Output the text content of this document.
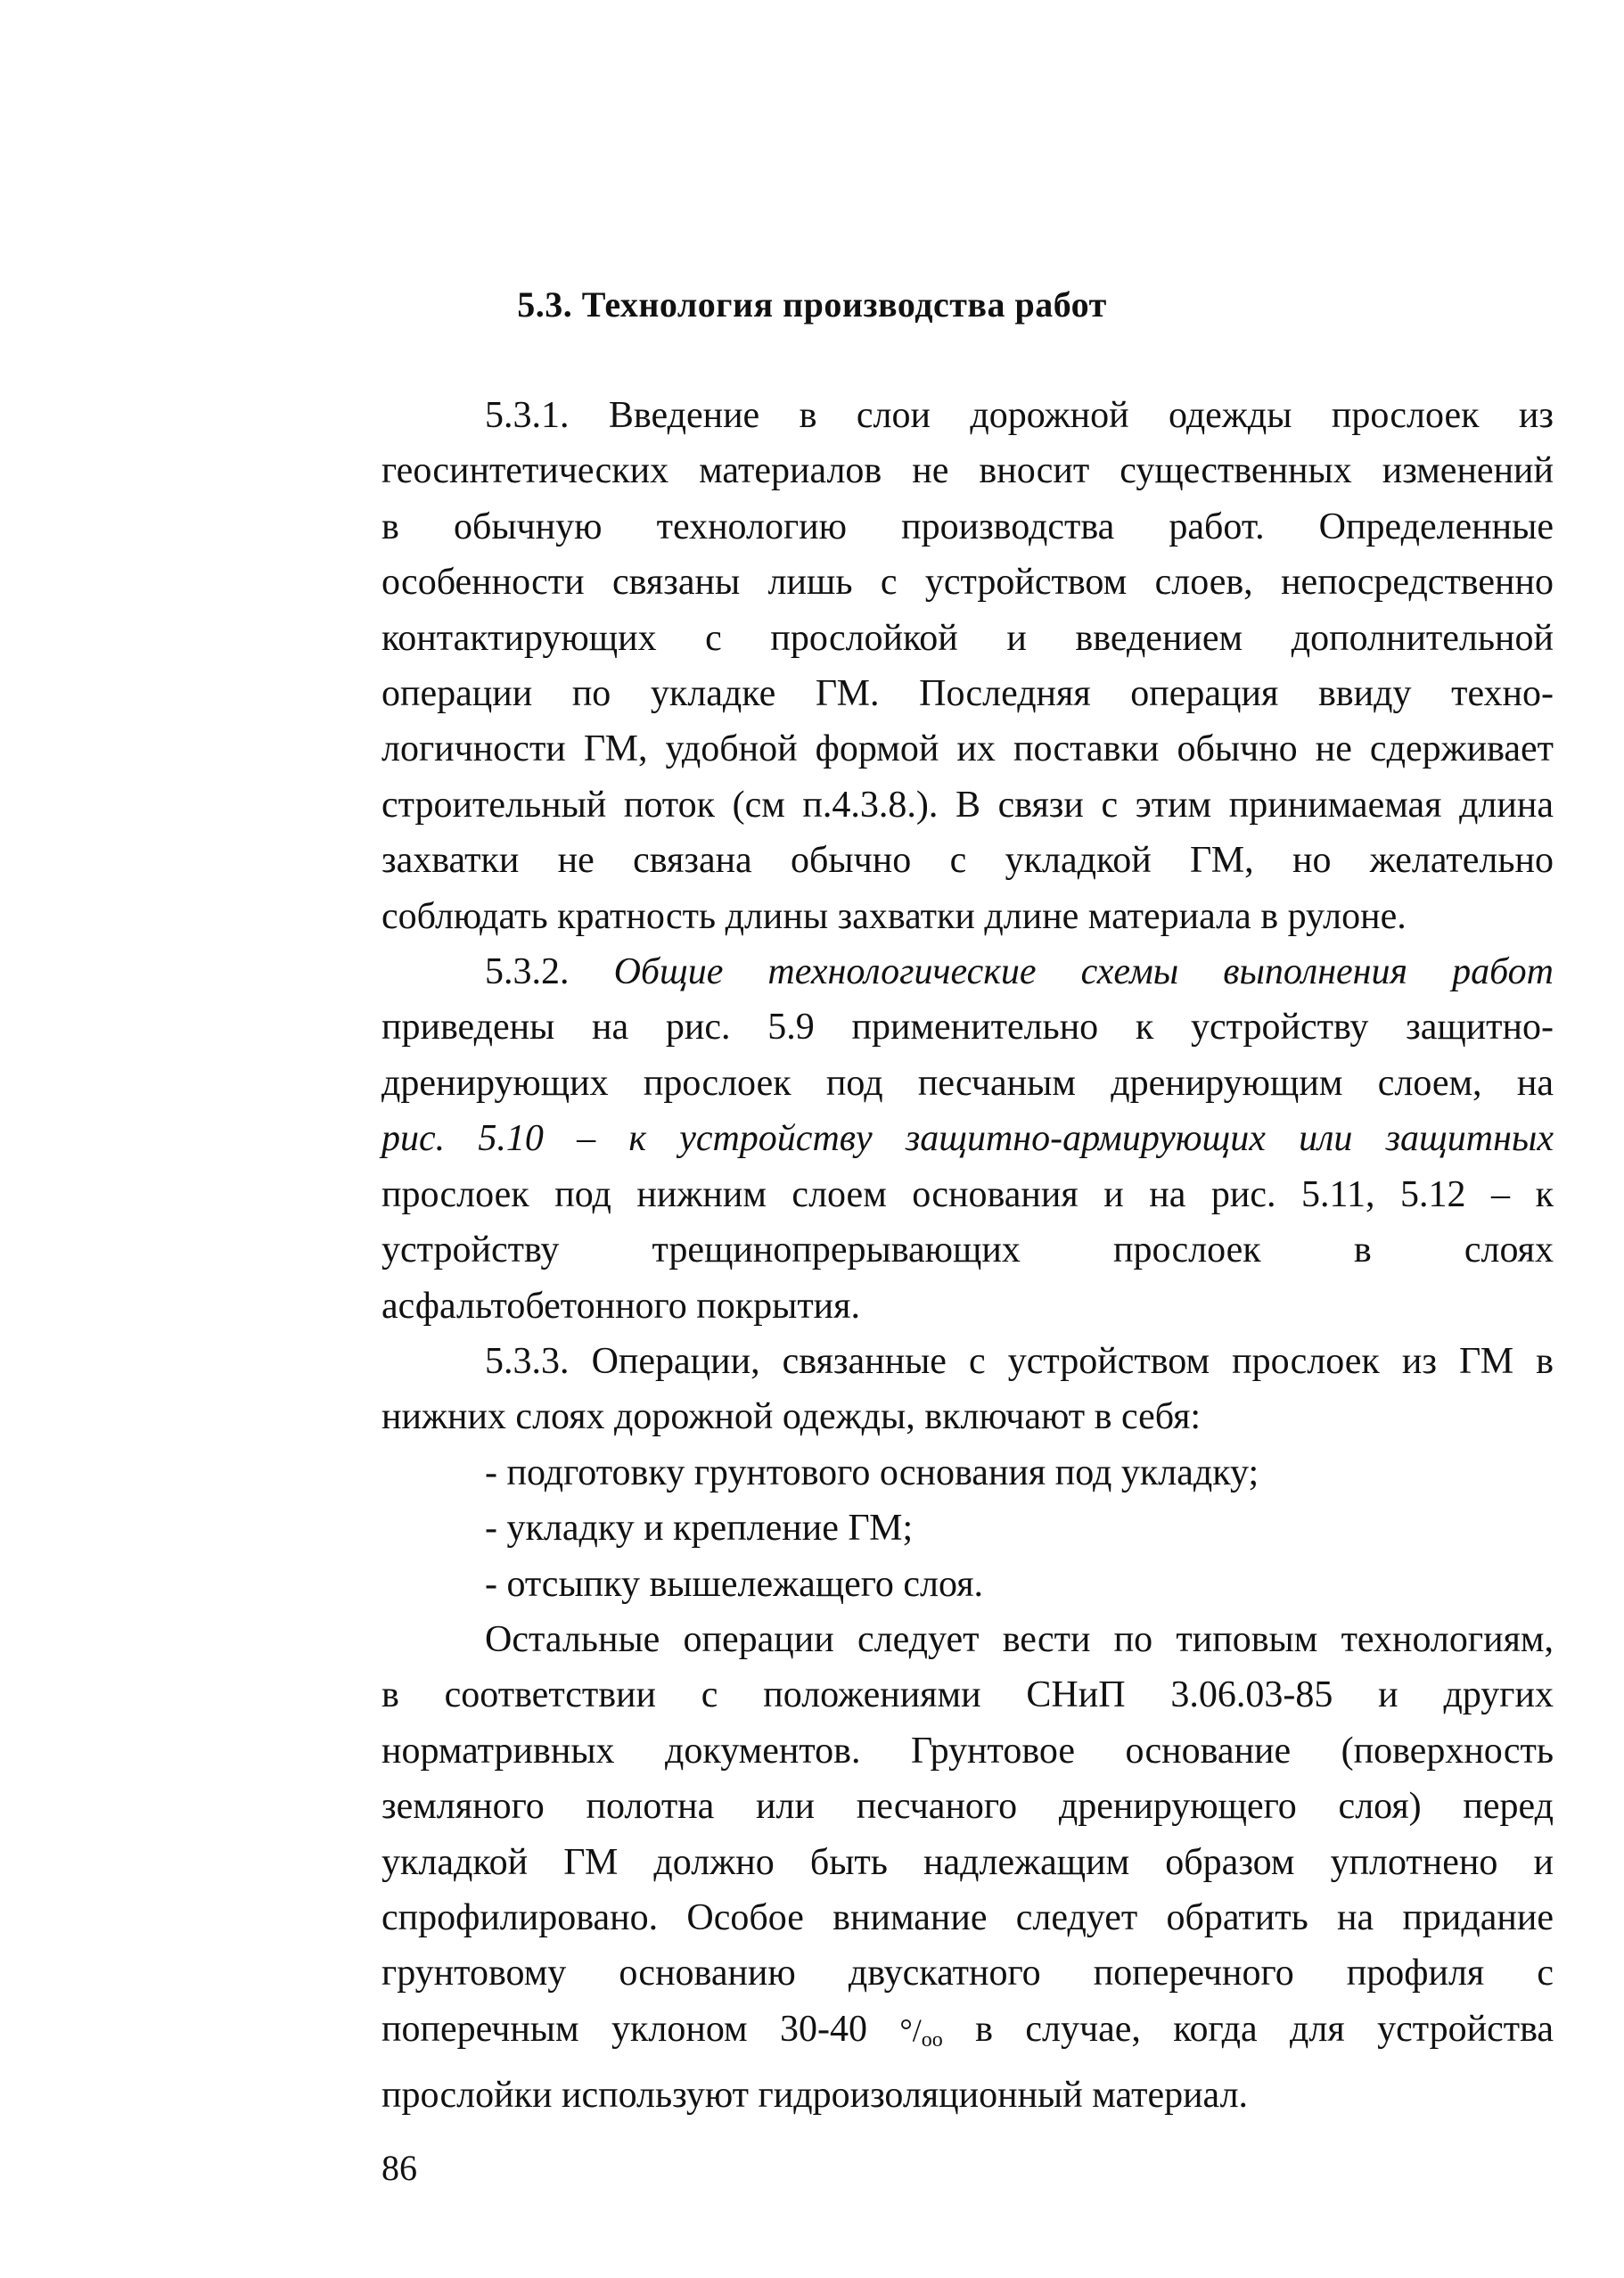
5.3. Технология производства работ

5.3.1. Введение в слои дорожной одежды прослоек из
геосинтетических материалов не вносит существенных изменений
в обычную технологию производства работ. Определенные
особенности связаны лишь с устройством слоев, непосредственно
контактирующих с прослойкой и введением дополнительной
операции по укладке ГМ. Последняя операция ввиду техно-
логичности ГМ, удобной формой их поставки обычно не сдерживает
строительный поток (см п.4.3.8.). В связи с этим принимаемая длина
захватки не связана обычно с укладкой ГМ, но желательно
соблюдать кратность длины захватки длине материала в рулоне.

5.3.2. Общие технологические схемы выполнения работ
приведены на рис. 5.9 применительно к устройству защитно-
дренирующих прослоек под песчаным дренирующим слоем, на
рис. 5.10 – к устройству защитно-армирующих или защитных
прослоек под нижним слоем основания и на рис. 5.11, 5.12 – к
устройству трещинопрерывающих прослоек в слоях
асфальтобетонного покрытия.

5.3.3. Операции, связанные с устройством прослоек из ГМ в
нижних слоях дорожной одежды, включают в себя:

- подготовку грунтового основания под укладку;
- укладку и крепление ГМ;
- отсыпку вышележащего слоя.

Остальные операции следует вести по типовым технологиям,
в соответствии с положениями СНиП 3.06.03-85 и других
норматривных документов. Грунтовое основание (поверхность
земляного полотна или песчаного дренирующего слоя) перед
укладкой ГМ должно быть надлежащим образом уплотнено и
спрофилировано. Особое внимание следует обратить на придание
грунтовому основанию двускатного поперечного профиля с
поперечным уклоном 30-40 $^\circ/_{оо}$ в случае, когда для устройства
прослойки используют гидроизоляционный материал.

86
